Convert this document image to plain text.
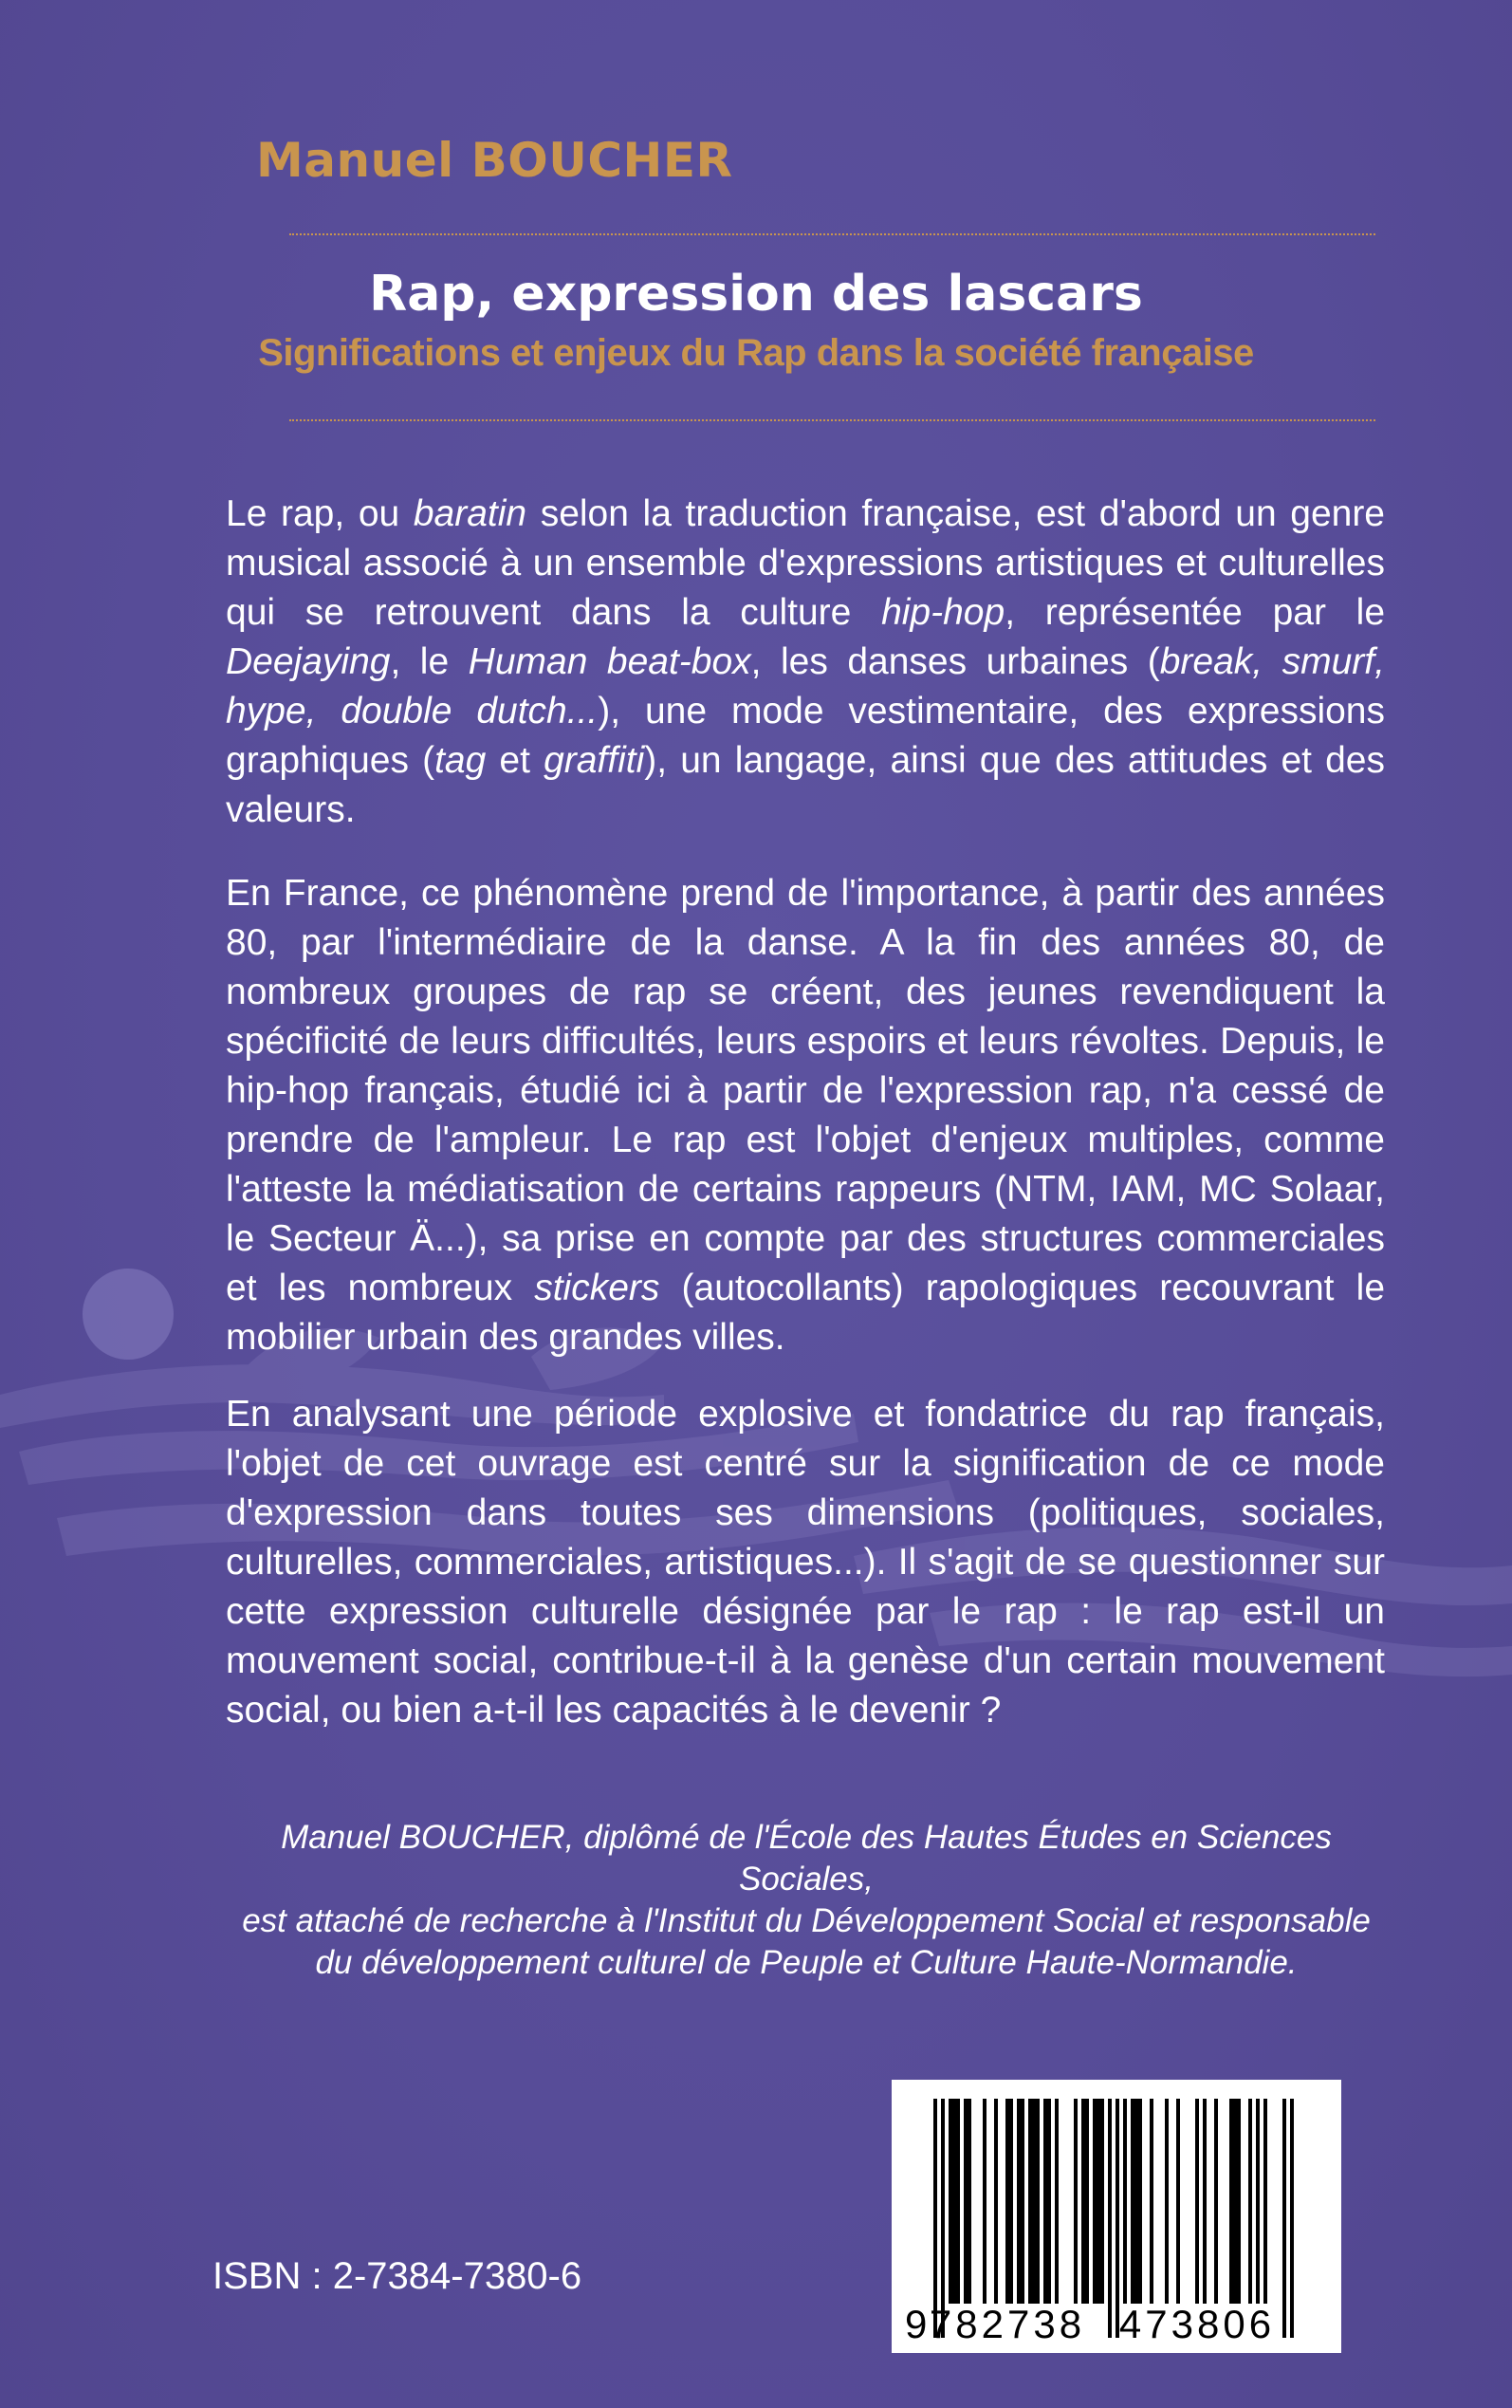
Manuel BOUCHER
Rap, expression des lascars
Significations et enjeux du Rap dans la société française
Le rap, ou baratin selon la traduction française, est d'abord un genre musical associé à un ensemble d'expressions artistiques et culturelles qui se retrouvent dans la culture hip-hop, représentée par le Deejaying, le Human beat-box, les danses urbaines (break, smurf, hype, double dutch...), une mode vestimentaire, des expressions graphiques (tag et graffiti), un langage, ainsi que des attitudes et des valeurs.
En France, ce phénomène prend de l'importance, à partir des années 80, par l'intermédiaire de la danse. A la fin des années 80, de nombreux groupes de rap se créent, des jeunes revendiquent la spécificité de leurs difficultés, leurs espoirs et leurs révoltes. Depuis, le hip-hop français, étudié ici à partir de l'expression rap, n'a cessé de prendre de l'ampleur. Le rap est l'objet d'enjeux multiples, comme l'atteste la médiatisation de certains rappeurs (NTM, IAM, MC Solaar, le Secteur Ä...), sa prise en compte par des structures commerciales et les nombreux stickers (autocollants) rapologiques recouvrant le mobilier urbain des grandes villes.
En analysant une période explosive et fondatrice du rap français, l'objet de cet ouvrage est centré sur la signification de ce mode d'expression dans toutes ses dimensions (politiques, sociales, culturelles, commerciales, artistiques...). Il s'agit de se questionner sur cette expression culturelle désignée par le rap : le rap est-il un mouvement social, contribue-t-il à la genèse d'un certain mouvement social, ou bien a-t-il les capacités à le devenir ?
Manuel BOUCHER, diplômé de l'École des Hautes Études en Sciences Sociales,
est attaché de recherche à l'Institut du Développement Social et responsable
du développement culturel de Peuple et Culture Haute-Normandie.
ISBN : 2-7384-7380-6
9 782738 473806
